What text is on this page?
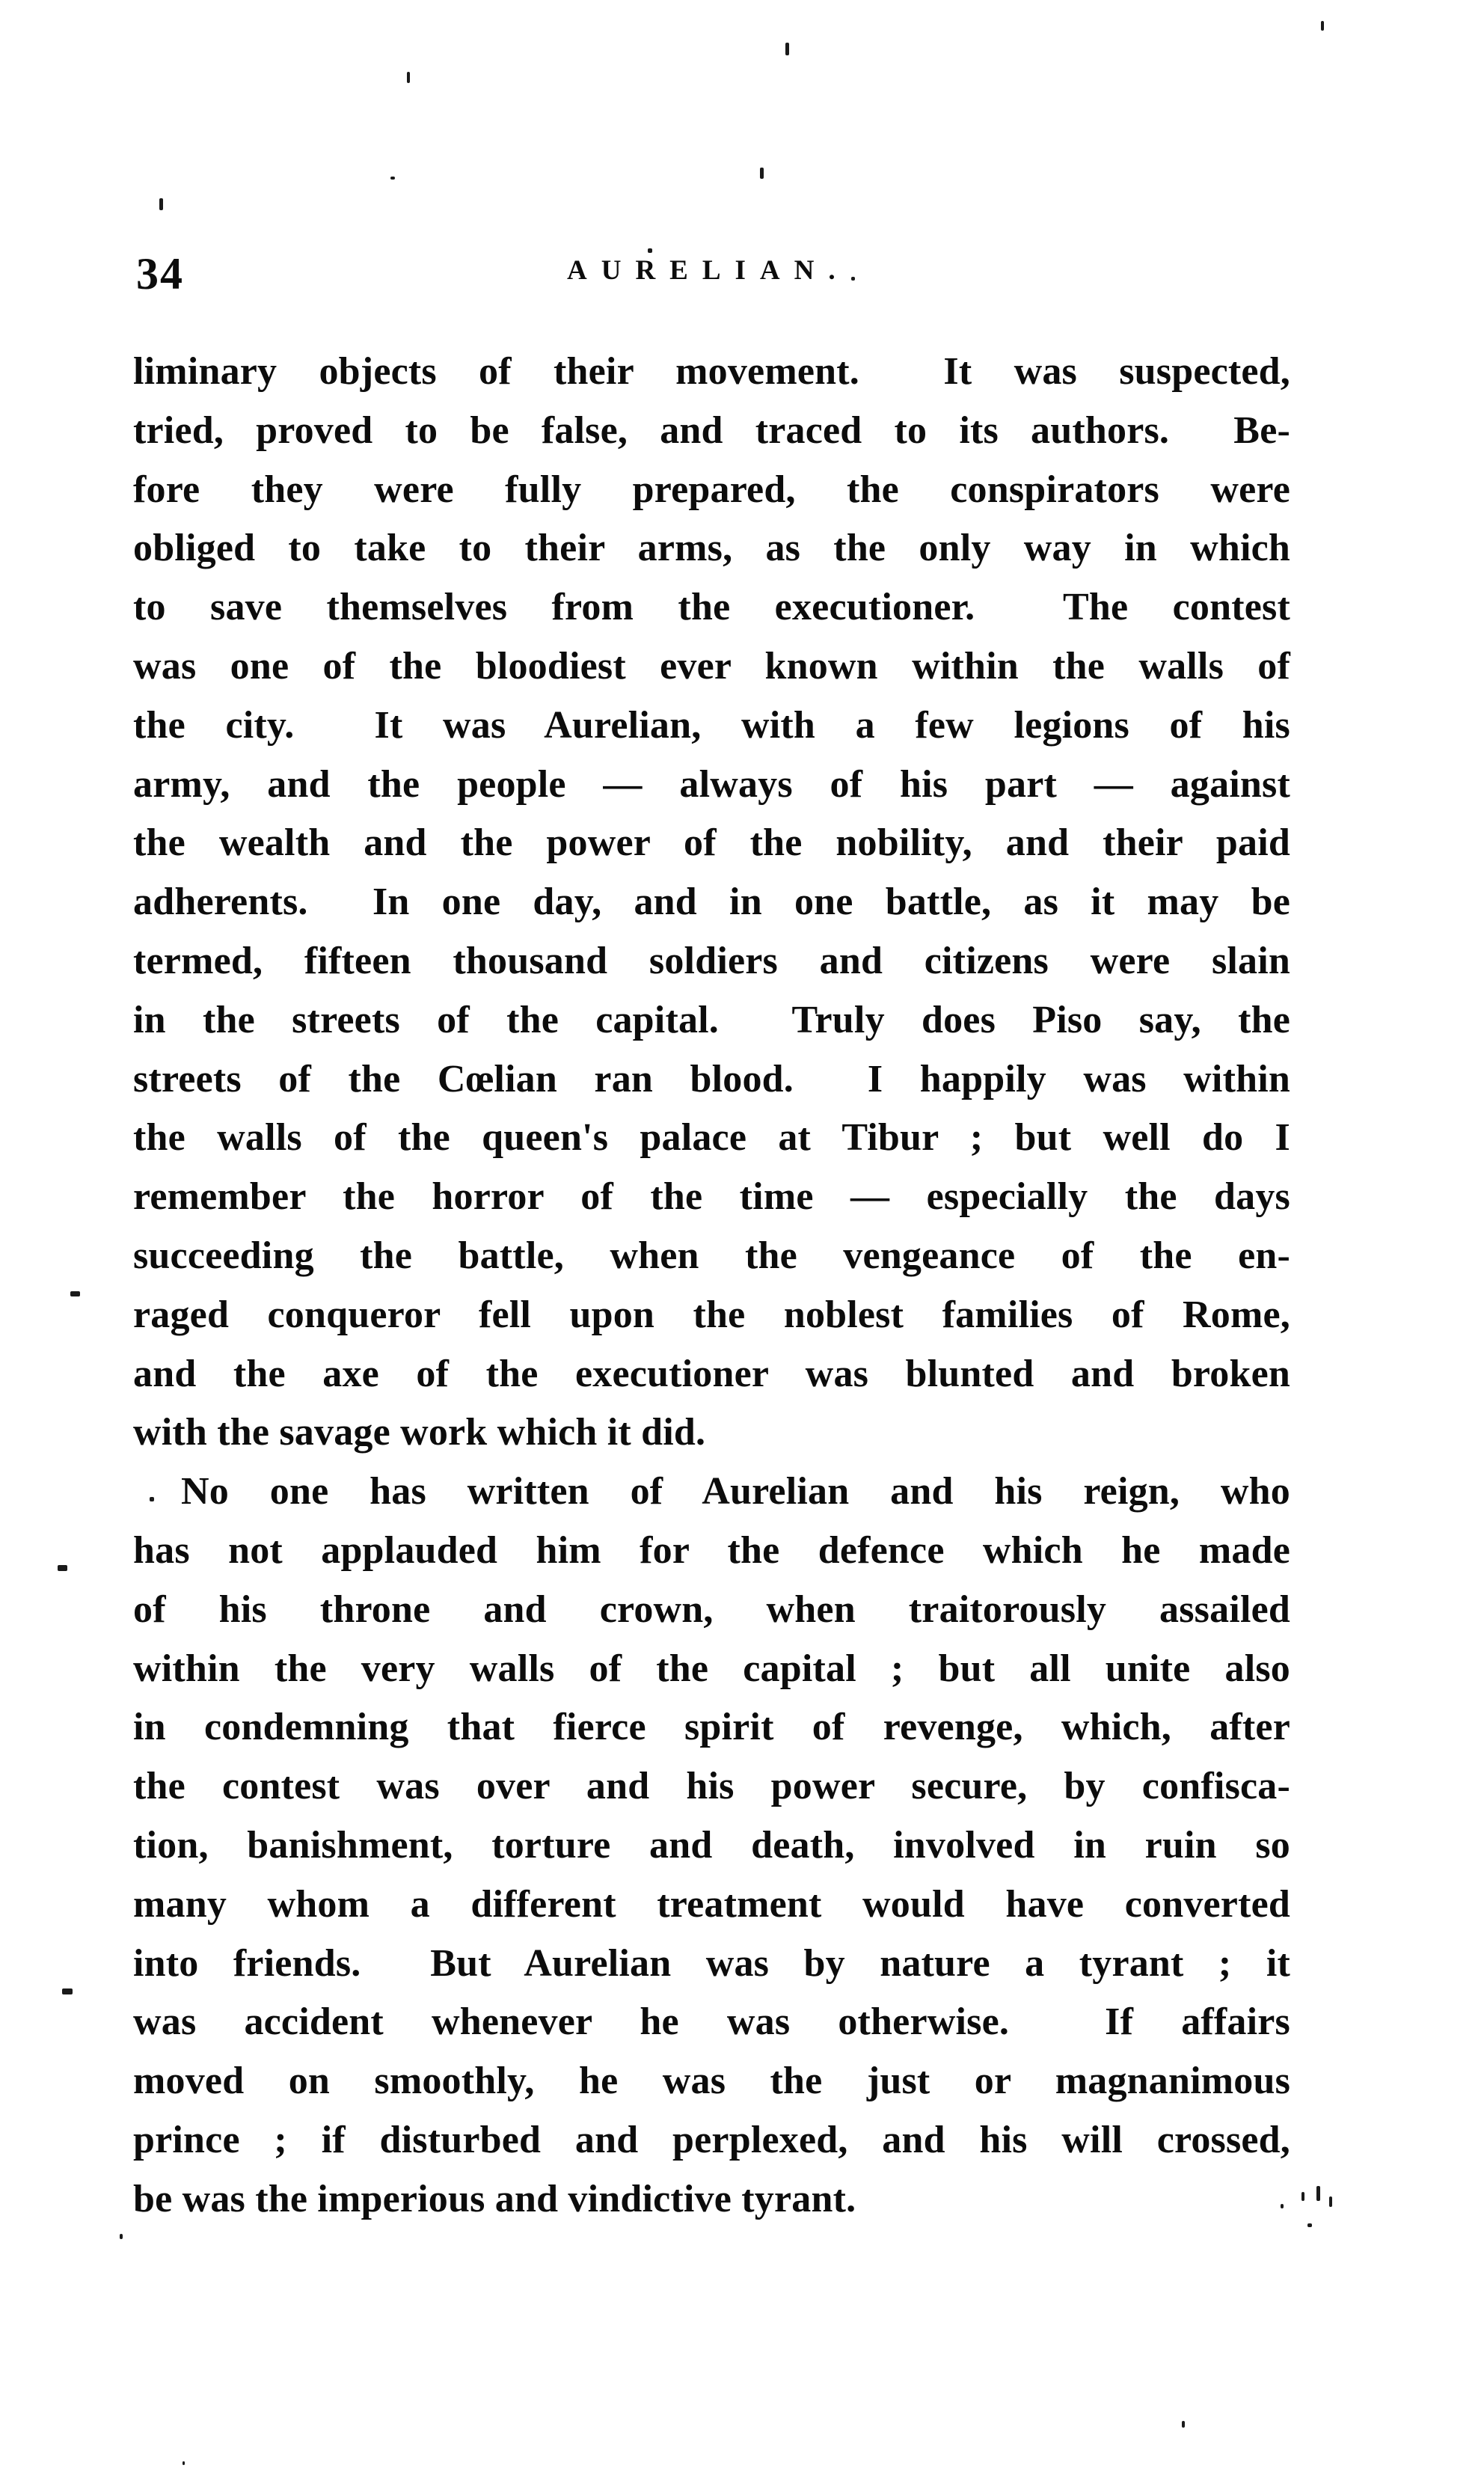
34	AURELIAN.
liminary objects of their movement.  It was suspected,
tried, proved to be false, and traced to its authors.  Be-
fore they were fully prepared, the conspirators were
obliged to take to their arms, as the only way in which
to save themselves from the executioner.  The contest
was one of the bloodiest ever known within the walls of
the city.  It was Aurelian, with a few legions of his
army, and the people — always of his part — against
the wealth and the power of the nobility, and their paid
adherents.  In one day, and in one battle, as it may be
termed, fifteen thousand soldiers and citizens were slain
in the streets of the capital.  Truly does Piso say, the
streets of the Cœlian ran blood.  I happily was within
the walls of the queen's palace at Tibur ; but well do I
remember the horror of the time — especially the days
succeeding the battle, when the vengeance of the en-
raged conqueror fell upon the noblest families of Rome,
and the axe of the executioner was blunted and broken
with the savage work which it did.
No one has written of Aurelian and his reign, who
has not applauded him for the defence which he made
of his throne and crown, when traitorously assailed
within the very walls of the capital ; but all unite also
in condemning that fierce spirit of revenge, which, after
the contest was over and his power secure, by confisca-
tion, banishment, torture and death, involved in ruin so
many whom a different treatment would have converted
into friends.  But Aurelian was by nature a tyrant ; it
was accident whenever he was otherwise.  If affairs
moved on smoothly, he was the just or magnanimous
prince ; if disturbed and perplexed, and his will crossed,
be was the imperious and vindictive tyrant.
